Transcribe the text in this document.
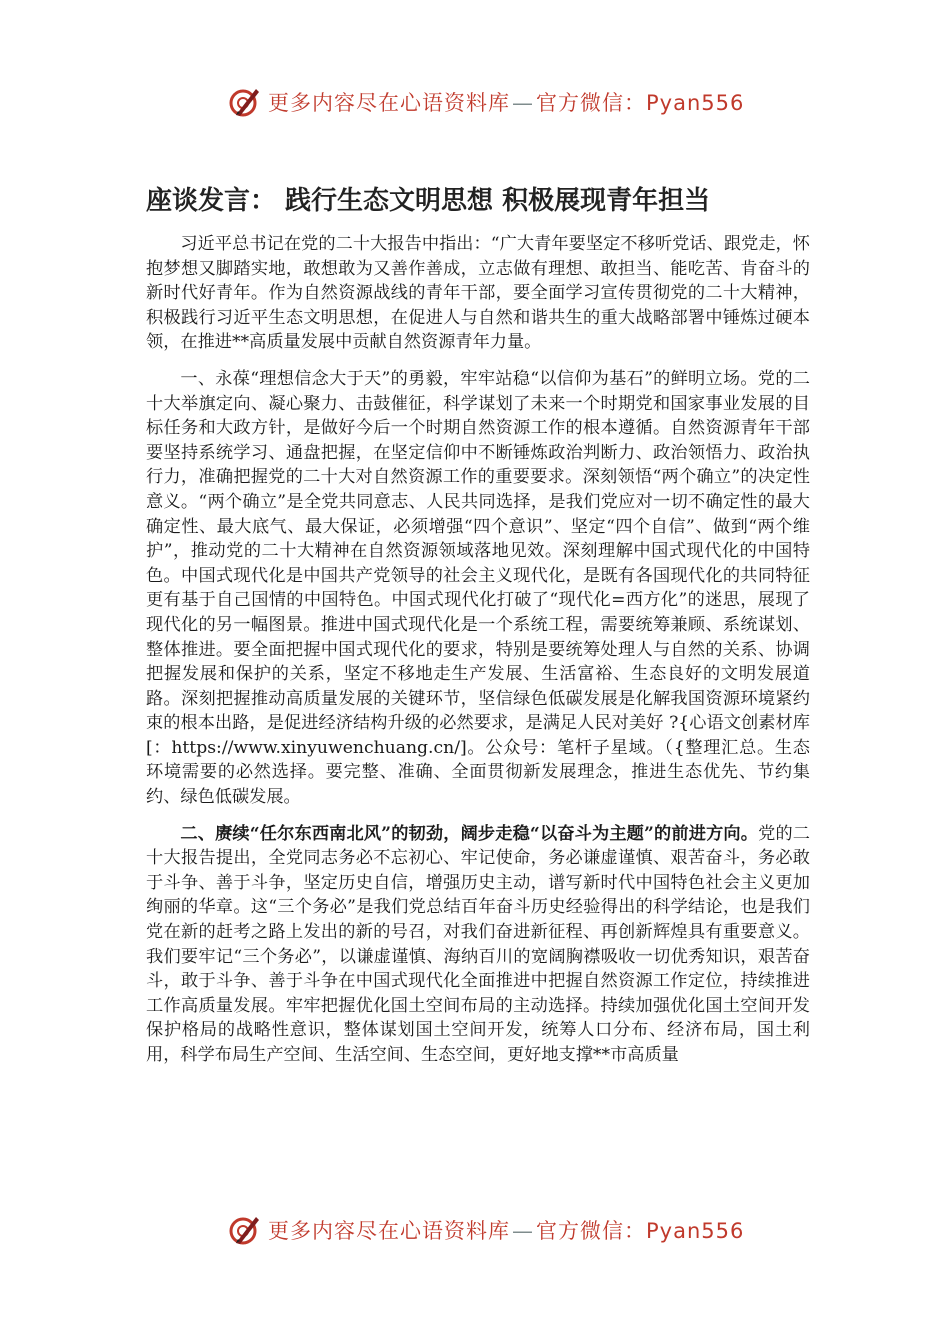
更多内容尽在心语资料库—官方微信：Pyan556
座谈发言： 践行生态文明思想 积极展现青年担当

习近平总书记在党的二十大报告中指出：“广大青年要坚定不移听党话、跟党走，怀抱梦想又脚踏实地，敢想敢为又善作善成，立志做有理想、敢担当、能吃苦、肯奋斗的新时代好青年。作为自然资源战线的青年干部，要全面学习宣传贯彻党的二十大精神，积极践行习近平生态文明思想，在促进人与自然和谐共生的重大战略部署中锤炼过硬本领，在推进**高质量发展中贡献自然资源青年力量。

一、永葆“理想信念大于天”的勇毅，牢牢站稳“以信仰为基石”的鲜明立场。党的二十大举旗定向、凝心聚力、击鼓催征，科学谋划了未来一个时期党和国家事业发展的目标任务和大政方针，是做好今后一个时期自然资源工作的根本遵循。自然资源青年干部要坚持系统学习、通盘把握，在坚定信仰中不断锤炼政治判断力、政治领悟力、政治执行力，准确把握党的二十大对自然资源工作的重要要求。深刻领悟“两个确立”的决定性意义。“两个确立”是全党共同意志、人民共同选择，是我们党应对一切不确定性的最大确定性、最大底气、最大保证，必须增强“四个意识”、坚定“四个自信”、做到“两个维护”，推动党的二十大精神在自然资源领域落地见效。深刻理解中国式现代化的中国特色。中国式现代化是中国共产党领导的社会主义现代化，是既有各国现代化的共同特征更有基于自己国情的中国特色。中国式现代化打破了“现代化=西方化”的迷思，展现了现代化的另一幅图景。推进中国式现代化是一个系统工程，需要统筹兼顾、系统谋划、整体推进。要全面把握中国式现代化的要求，特别是要统筹处理人与自然的关系、协调把握发展和保护的关系，坚定不移地走生产发展、生活富裕、生态良好的文明发展道路。深刻把握推动高质量发展的关键环节，坚信绿色低碳发展是化解我国资源环境紧约束的根本出路，是促进经济结构升级的必然要求，是满足人民对美好 ?{心语文创素材库[：https://www.xinyuwenchuang.cn/]。公众号：笔杆子星域。（{整理汇总。生态环境需要的必然选择。要完整、准确、全面贯彻新发展理念，推进生态优先、节约集约、绿色低碳发展。

二、赓续“任尔东西南北风”的韧劲，阔步走稳“以奋斗为主题”的前进方向。党的二十大报告提出，全党同志务必不忘初心、牢记使命，务必谦虚谨慎、艰苦奋斗，务必敢于斗争、善于斗争，坚定历史自信，增强历史主动，谱写新时代中国特色社会主义更加绚丽的华章。这“三个务必”是我们党总结百年奋斗历史经验得出的科学结论，也是我们党在新的赶考之路上发出的新的号召，对我们奋进新征程、再创新辉煌具有重要意义。我们要牢记“三个务必”，以谦虚谨慎、海纳百川的宽阔胸襟吸收一切优秀知识，艰苦奋斗，敢于斗争、善于斗争在中国式现代化全面推进中把握自然资源工作定位，持续推进工作高质量发展。牢牢把握优化国土空间布局的主动选择。持续加强优化国土空间开发保护格局的战略性意识，整体谋划国土空间开发，统筹人口分布、经济布局，国土利用，科学布局生产空间、生活空间、生态空间，更好地支撑**市高质量

更多内容尽在心语资料库—官方微信：Pyan556
